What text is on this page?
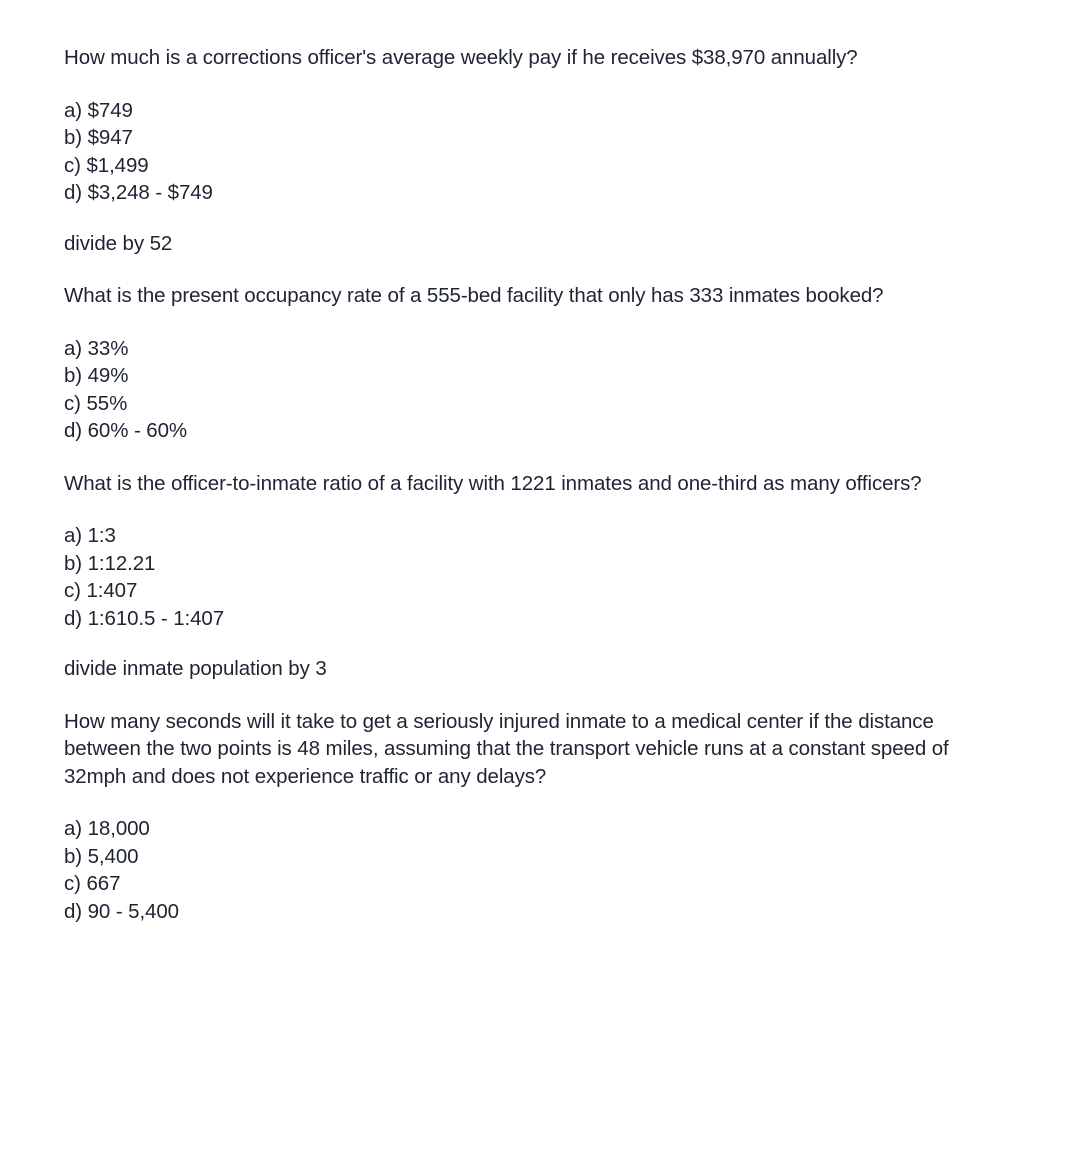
How much is a corrections officer's average weekly pay if he receives $38,970 annually?

a) $749
b) $947
c) $1,499
d) $3,248 - $749

divide by 52

What is the present occupancy rate of a 555-bed facility that only has 333 inmates booked?

a) 33%
b) 49%
c) 55%
d) 60% - 60%

What is the officer-to-inmate ratio of a facility with 1221 inmates and one-third as many officers?

a) 1:3
b) 1:12.21
c) 1:407
d) 1:610.5 - 1:407

divide inmate population by 3

How many seconds will it take to get a seriously injured inmate to a medical center if the distance between the two points is 48 miles, assuming that the transport vehicle runs at a constant speed of 32mph and does not experience traffic or any delays?

a) 18,000
b) 5,400
c) 667
d) 90 - 5,400
